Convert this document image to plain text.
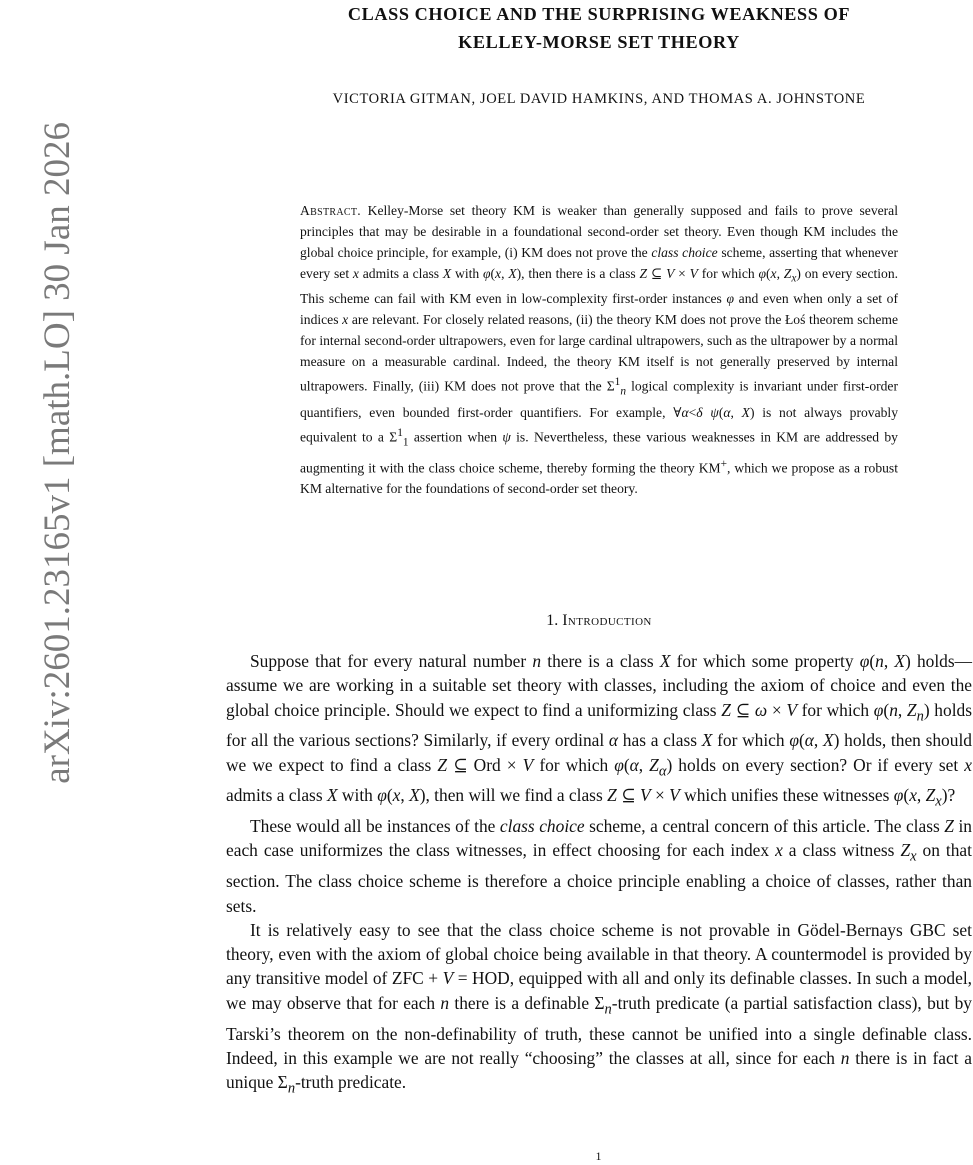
arXiv:2601.23165v1 [math.LO] 30 Jan 2026
CLASS CHOICE AND THE SURPRISING WEAKNESS OF
KELLEY-MORSE SET THEORY
VICTORIA GITMAN, JOEL DAVID HAMKINS, AND THOMAS A. JOHNSTONE
Abstract. Kelley-Morse set theory KM is weaker than generally supposed and fails to prove several principles that may be desirable in a foundational second-order set theory. Even though KM includes the global choice principle, for example, (i) KM does not prove the class choice scheme, asserting that whenever every set x admits a class X with φ(x, X), then there is a class Z ⊆ V × V for which φ(x, $Z_x$) on every section. This scheme can fail with KM even in low-complexity first-order instances φ and even when only a set of indices x are relevant. For closely related reasons, (ii) the theory KM does not prove the Łoś theorem scheme for internal second-order ultrapowers, even for large cardinal ultrapowers, such as the ultrapower by a normal measure on a measurable cardinal. Indeed, the theory KM itself is not generally preserved by internal ultrapowers. Finally, (iii) KM does not prove that the $\Sigma^1_n$ logical complexity is invariant under first-order quantifiers, even bounded first-order quantifiers. For example, ∀α<δ ψ(α, X) is not always provably equivalent to a $\Sigma^1_1$ assertion when ψ is. Nevertheless, these various weaknesses in KM are addressed by augmenting it with the class choice scheme, thereby forming the theory KM+, which we propose as a robust KM alternative for the foundations of second-order set theory.
1. Introduction

Suppose that for every natural number n there is a class X for which some property φ(n, X) holds—assume we are working in a suitable set theory with classes, including the axiom of choice and even the global choice principle. Should we expect to find a uniformizing class Z ⊆ ω × V for which φ(n, $Z_n$) holds for all the various sections? Similarly, if every ordinal α has a class X for which φ(α, X) holds, then should we we expect to find a class Z ⊆ Ord × V for which φ(α, $Z_\alpha$) holds on every section? Or if every set x admits a class X with φ(x, X), then will we find a class Z ⊆ V × V which unifies these witnesses φ(x, $Z_x$)?

These would all be instances of the class choice scheme, a central concern of this article. The class Z in each case uniformizes the class witnesses, in effect choosing for each index x a class witness $Z_x$ on that section. The class choice scheme is therefore a choice principle enabling a choice of classes, rather than sets.

It is relatively easy to see that the class choice scheme is not provable in Gödel-Bernays GBC set theory, even with the axiom of global choice being available in that theory. A countermodel is provided by any transitive model of ZFC + V = HOD, equipped with all and only its definable classes. In such a model, we may observe that for each n there is a definable $\Sigma_n$-truth predicate (a partial satisfaction class), but by Tarski’s theorem on the non-definability of truth, these cannot be unified into a single definable class. Indeed, in this example we are not really “choosing” the classes at all, since for each n there is in fact a unique $\Sigma_n$-truth predicate.

1
